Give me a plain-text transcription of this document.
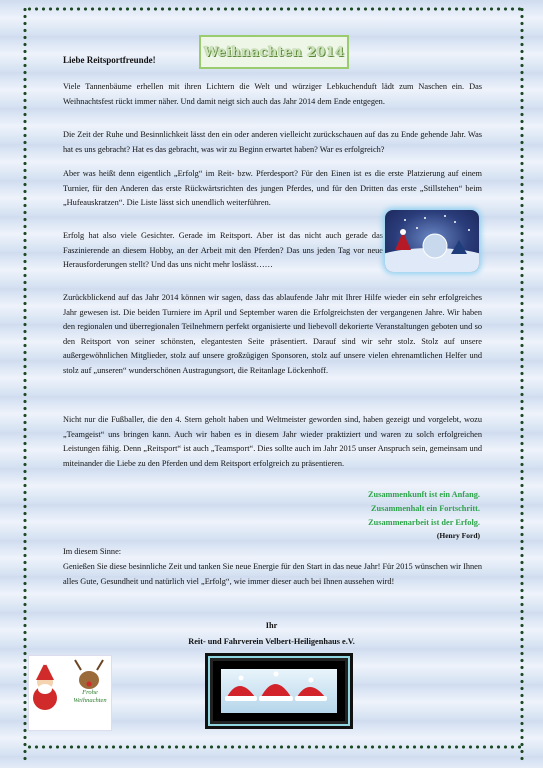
Weihnachten 2014
Liebe Reitsportfreunde!

Viele Tannenbäume erhellen mit ihren Lichtern die Welt und würziger Lebkuchenduft lädt zum Naschen ein. Das Weihnachtsfest rückt immer näher. Und damit neigt sich auch das Jahr 2014 dem Ende entgegen.

Die Zeit der Ruhe und Besinnlichkeit lässt den ein oder anderen vielleicht zurückschauen auf das zu Ende gehende Jahr. Was hat es uns gebracht? Hat es das gebracht, was wir zu Beginn erwartet haben? War es erfolgreich?

Aber was heißt denn eigentlich „Erfolg“ im Reit- bzw. Pferdesport? Für den Einen ist es die erste Platzierung auf einem Turnier, für den Anderen das erste Rückwärtsrichten des jungen Pferdes, und für den Dritten das erste „Stillstehen“ beim „Hufeauskratzen“. Die Liste lässt sich unendlich weiterführen.

Erfolg hat also viele Gesichter. Gerade im Reitsport. Aber ist das nicht auch gerade das Faszinierende an diesem Hobby, an der Arbeit mit den Pferden? Das uns jeden Tag vor neue Herausforderungen stellt? Und das uns nicht mehr loslässt……

Zurückblickend auf das Jahr 2014 können wir sagen, dass das ablaufende Jahr mit Ihrer Hilfe wieder ein sehr erfolgreiches Jahr gewesen ist. Die beiden Turniere im April und September waren die Erfolgreichsten der vergangenen Jahre. Wir haben den regionalen und überregionalen Teilnehmern perfekt organisierte und liebevoll dekorierte Veranstaltungen geboten und so den Reitsport von seiner schönsten, elegantesten Seite präsentiert. Darauf sind wir sehr stolz. Stolz auf unsere außergewöhnlichen Mitglieder, stolz auf unsere großzügigen Sponsoren, stolz auf unsere vielen ehrenamtlichen Helfer und stolz auf „unseren“ wunderschönen Austragungsort, die Reitanlage Löckenhoff.

Nicht nur die Fußballer, die den 4. Stern geholt haben und Weltmeister geworden sind, haben gezeigt und vorgelebt, wozu „Teamgeist“ uns bringen kann. Auch wir haben es in diesem Jahr wieder praktiziert und waren zu solch erfolgreichen Leistungen fähig. Denn „Reitsport“ ist auch „Teamsport“. Dies sollte auch im Jahr 2015 unser Anspruch sein, gemeinsam und miteinander die Liebe zu den Pferden und dem Reitsport erfolgreich zu präsentieren.

Zusammenkunft ist ein Anfang.
Zusammenhalt ein Fortschritt.
Zusammenarbeit ist der Erfolg.
(Henry Ford)
Im diesem Sinne:

Genießen Sie diese besinnliche Zeit und tanken Sie neue Energie für den Start in das neue Jahr! Für 2015 wünschen wir Ihnen alles Gute, Gesundheit und natürlich viel „Erfolg“, wie immer dieser auch bei Ihnen aussehen wird!

Ihr
Reit- und Fahrverein Velbert-Heiligenhaus e.V.
Frohe Weihnachten
